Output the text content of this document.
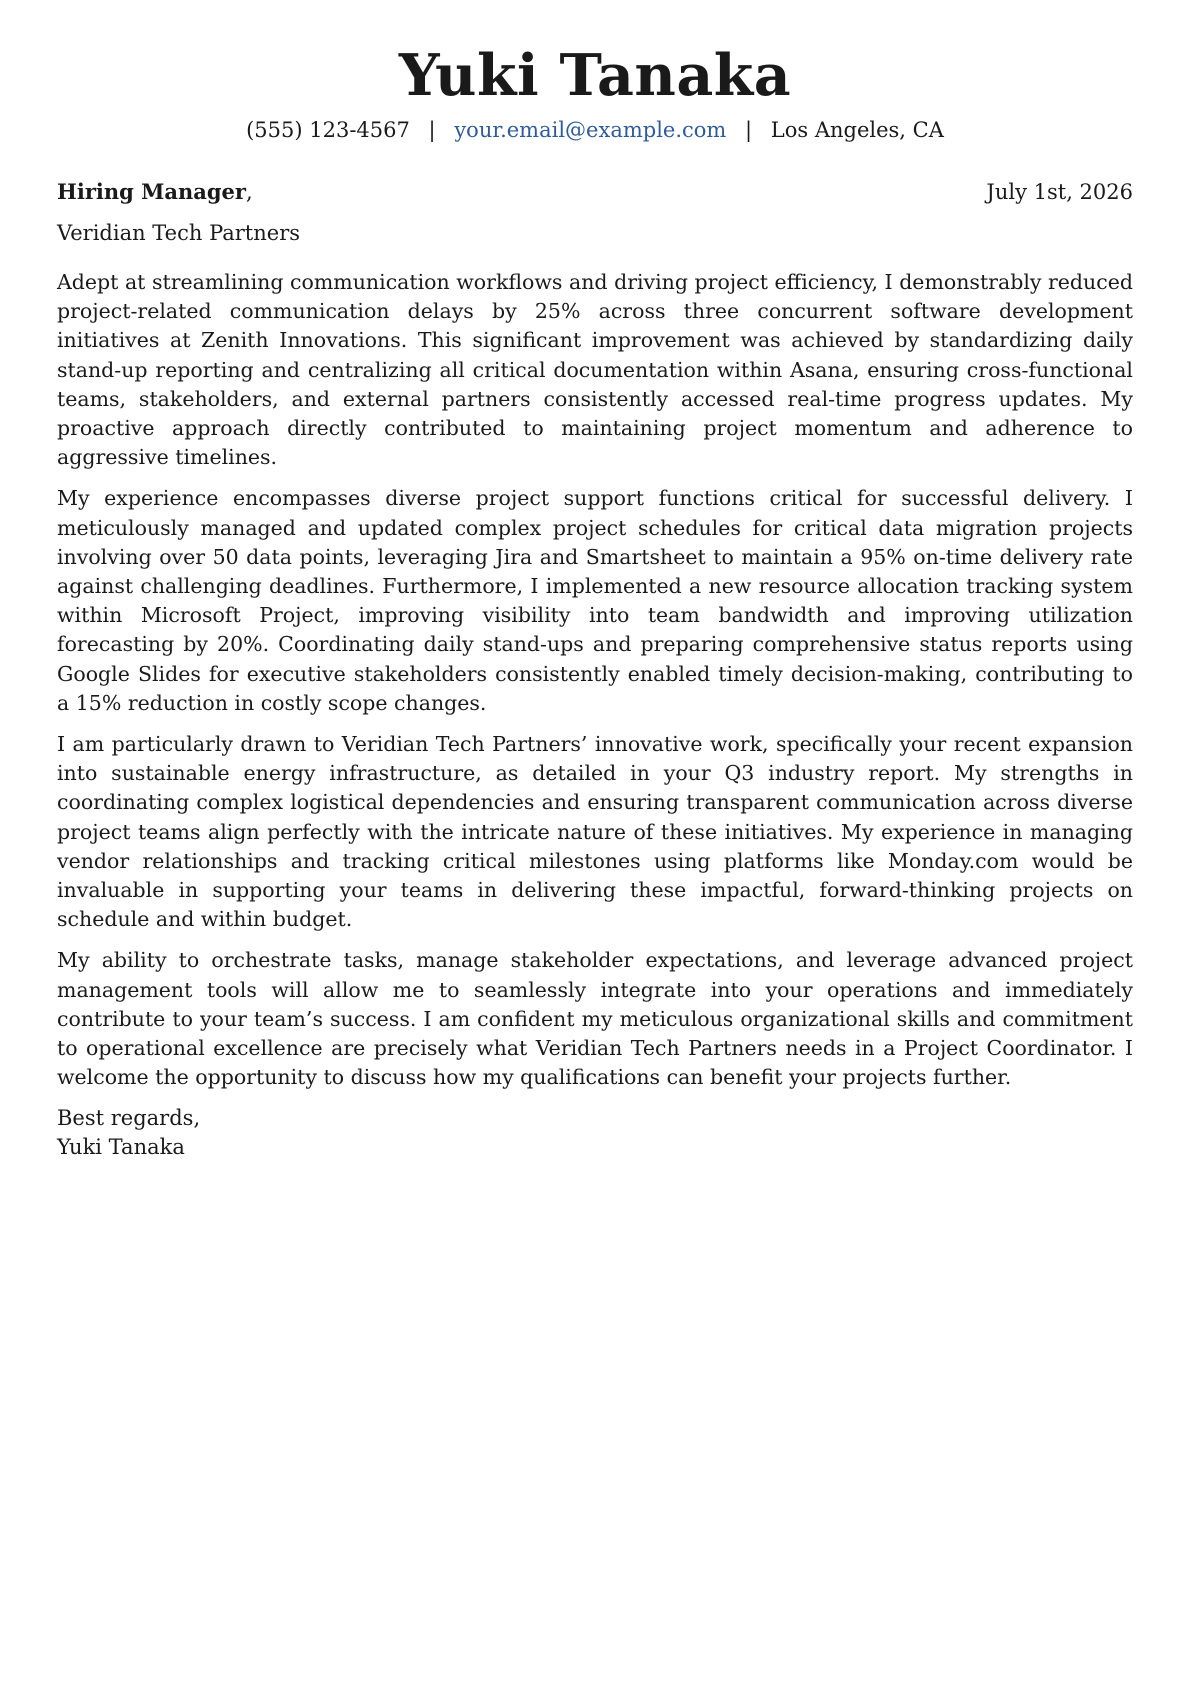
Yuki Tanaka
(555) 123-4567 | your.email@example.com | Los Angeles, CA
Hiring Manager,	July 1st, 2026
Veridian Tech Partners

Adept at streamlining communication workflows and driving project efficiency, I demonstrably reduced project-related communication delays by 25% across three concurrent software development initiatives at Zenith Innovations. This significant improvement was achieved by standardizing daily stand-up reporting and centralizing all critical documentation within Asana, ensuring cross-functional teams, stakeholders, and external partners consistently accessed real-time progress updates. My proactive approach directly contributed to maintaining project momentum and adherence to aggressive timelines.

My experience encompasses diverse project support functions critical for successful delivery. I meticulously managed and updated complex project schedules for critical data migration projects involving over 50 data points, leveraging Jira and Smartsheet to maintain a 95% on-time delivery rate against challenging deadlines. Furthermore, I implemented a new resource allocation tracking system within Microsoft Project, improving visibility into team bandwidth and improving utilization forecasting by 20%. Coordinating daily stand-ups and preparing comprehensive status reports using Google Slides for executive stakeholders consistently enabled timely decision-making, contributing to a 15% reduction in costly scope changes.

I am particularly drawn to Veridian Tech Partners’ innovative work, specifically your recent expansion into sustainable energy infrastructure, as detailed in your Q3 industry report. My strengths in coordinating complex logistical dependencies and ensuring transparent communication across diverse project teams align perfectly with the intricate nature of these initiatives. My experience in managing vendor relationships and tracking critical milestones using platforms like Monday.com would be invaluable in supporting your teams in delivering these impactful, forward-thinking projects on schedule and within budget.

My ability to orchestrate tasks, manage stakeholder expectations, and leverage advanced project management tools will allow me to seamlessly integrate into your operations and immediately contribute to your team’s success. I am confident my meticulous organizational skills and commitment to operational excellence are precisely what Veridian Tech Partners needs in a Project Coordinator. I welcome the opportunity to discuss how my qualifications can benefit your projects further.

Best regards,
Yuki Tanaka
